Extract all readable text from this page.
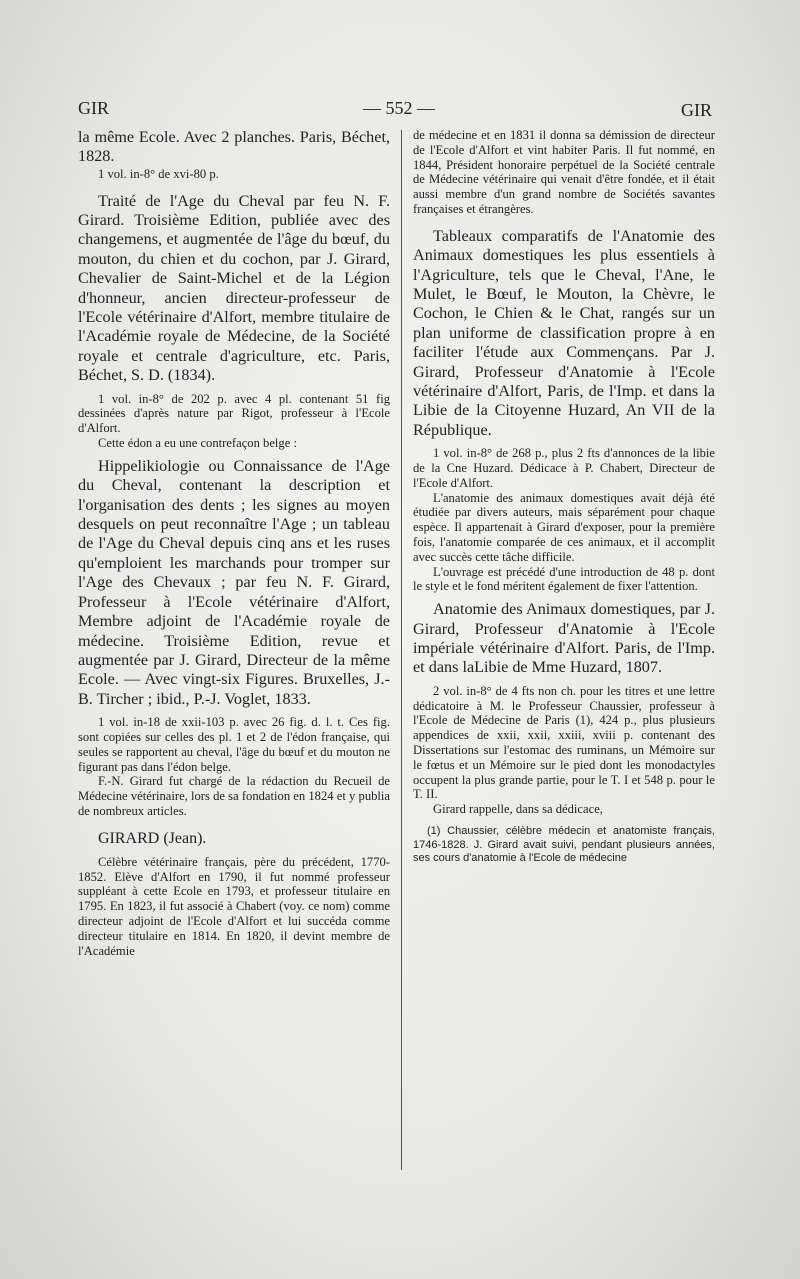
GIR	— 552 —	GIR

la même Ecole. Avec 2 planches. Paris, Béchet, 1828.

1 vol. in-8° de xvi-80 p.

Traité de l'Age du Cheval par feu N. F. Girard. Troisième Edition, publiée avec des changemens, et augmentée de l'âge du bœuf, du mouton, du chien et du cochon, par J. Girard, Chevalier de Saint-Michel et de la Légion d'honneur, ancien directeur-professeur de l'Ecole vétérinaire d'Alfort, membre titulaire de l'Académie royale de Médecine, de la Société royale et centrale d'agriculture, etc. Paris, Béchet, S. D. (1834).

1 vol. in-8° de 202 p. avec 4 pl. contenant 51 fig dessinées d'après nature par Rigot, professeur à l'Ecole d'Alfort.

Cette édon a eu une contrefaçon belge :

Hippelikiologie ou Connaissance de l'Age du Cheval, contenant la description et l'organisation des dents ; les signes au moyen desquels on peut reconnaître l'Age ; un tableau de l'Age du Cheval depuis cinq ans et les ruses qu'emploient les marchands pour tromper sur l'Age des Chevaux ; par feu N. F. Girard, Professeur à l'Ecole vétérinaire d'Alfort, Membre adjoint de l'Académie royale de médecine. Troisième Edition, revue et augmentée par J. Girard, Directeur de la même Ecole. — Avec vingt-six Figures. Bruxelles, J.-B. Tircher ; ibid., P.-J. Voglet, 1833.

1 vol. in-18 de xxii-103 p. avec 26 fig. d. l. t. Ces fig. sont copiées sur celles des pl. 1 et 2 de l'édon française, qui seules se rapportent au cheval, l'âge du bœuf et du mouton ne figurant pas dans l'édon belge.

F.-N. Girard fut chargé de la rédaction du Recueil de Médecine vétérinaire, lors de sa fondation en 1824 et y publia de nombreux articles.

GIRARD (Jean).

Célèbre vétérinaire français, père du précédent, 1770-1852. Elève d'Alfort en 1790, il fut nommé professeur suppléant à cette Ecole en 1793, et professeur titulaire en 1795. En 1823, il fut associé à Chabert (voy. ce nom) comme directeur adjoint de l'Ecole d'Alfort et lui succéda comme directeur titulaire en 1814. En 1820, il devint membre de l'Académie

de médecine et en 1831 il donna sa démission de directeur de l'Ecole d'Alfort et vint habiter Paris. Il fut nommé, en 1844, Président honoraire perpétuel de la Société centrale de Médecine vétérinaire qui venait d'être fondée, et il était aussi membre d'un grand nombre de Sociétés savantes françaises et étrangères.

Tableaux comparatifs de l'Anatomie des Animaux domestiques les plus essentiels à l'Agriculture, tels que le Cheval, l'Ane, le Mulet, le Bœuf, le Mouton, la Chèvre, le Cochon, le Chien & le Chat, rangés sur un plan uniforme de classification propre à en faciliter l'étude aux Commençans. Par J. Girard, Professeur d'Anatomie à l'Ecole vétérinaire d'Alfort, Paris, de l'Imp. et dans la Libie de la Citoyenne Huzard, An VII de la République.

1 vol. in-8° de 268 p., plus 2 fts d'annonces de la libie de la Cne Huzard. Dédicace à P. Chabert, Directeur de l'Ecole d'Alfort.

L'anatomie des animaux domestiques avait déjà été étudiée par divers auteurs, mais séparément pour chaque espèce. Il appartenait à Girard d'exposer, pour la première fois, l'anatomie comparée de ces animaux, et il accomplit avec succès cette tâche difficile.

L'ouvrage est précédé d'une introduction de 48 p. dont le style et le fond méritent également de fixer l'attention.

Anatomie des Animaux domestiques, par J. Girard, Professeur d'Anatomie à l'Ecole impériale vétérinaire d'Alfort. Paris, de l'Imp. et dans laLibie de Mme Huzard, 1807.

2 vol. in-8° de 4 fts non ch. pour les titres et une lettre dédicatoire à M. le Professeur Chaussier, professeur à l'Ecole de Médecine de Paris (1), 424 p., plus plusieurs appendices de xxii, xxii, xxiii, xviii p. contenant des Dissertations sur l'estomac des ruminans, un Mémoire sur le fœtus et un Mémoire sur le pied dont les monodactyles occupent la plus grande partie, pour le T. I et 548 p. pour le T. II.

Girard rappelle, dans sa dédicace,

(1) Chaussier, célèbre médecin et anatomiste français, 1746-1828. J. Girard avait suivi, pendant plusieurs années, ses cours d'anatomie à l'Ecole de médecine
